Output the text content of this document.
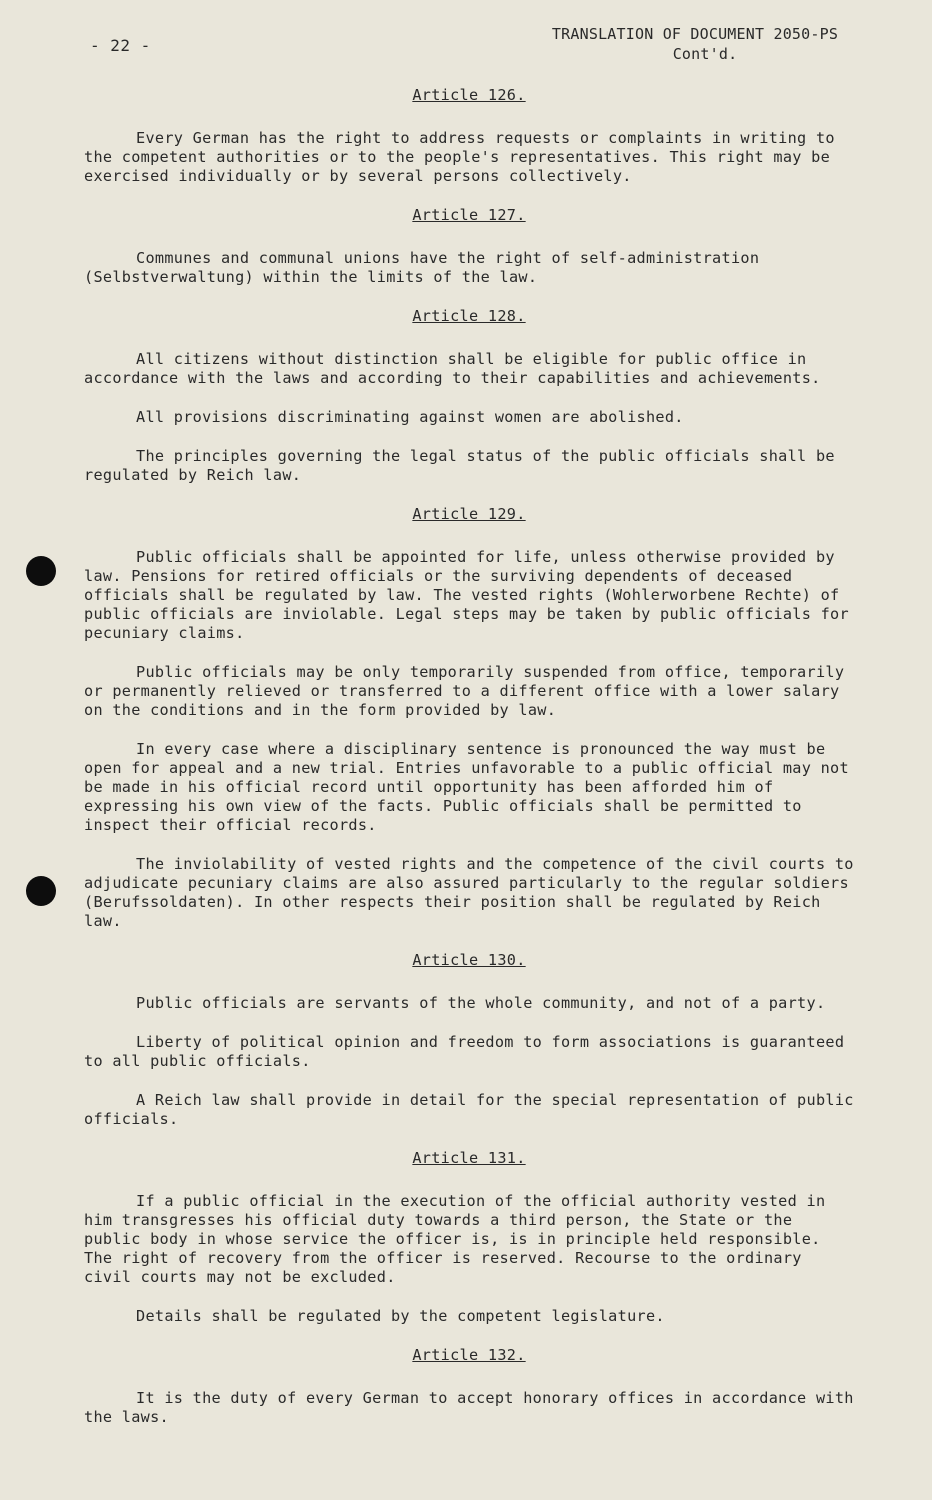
- 22 -
TRANSLATION OF DOCUMENT 2050-PS
Cont'd.
Article 126.

Every German has the right to address requests or complaints in writing to the competent authorities or to the people's representatives. This right may be exercised individually or by several persons collectively.

Article 127.

Communes and communal unions have the right of self-administration (Selbstverwaltung) within the limits of the law.

Article 128.

All citizens without distinction shall be eligible for public office in accordance with the laws and according to their capabilities and achievements.

All provisions discriminating against women are abolished.

The principles governing the legal status of the public officials shall be regulated by Reich law.

Article 129.

Public officials shall be appointed for life, unless otherwise provided by law. Pensions for retired officials or the surviving dependents of deceased officials shall be regulated by law. The vested rights (Wohlerworbene Rechte) of public officials are inviolable. Legal steps may be taken by public officials for pecuniary claims.

Public officials may be only temporarily suspended from office, temporarily or permanently relieved or transferred to a different office with a lower salary on the conditions and in the form provided by law.

In every case where a disciplinary sentence is pronounced the way must be open for appeal and a new trial. Entries unfavorable to a public official may not be made in his official record until opportunity has been afforded him of expressing his own view of the facts. Public officials shall be permitted to inspect their official records.

The inviolability of vested rights and the competence of the civil courts to adjudicate pecuniary claims are also assured particularly to the regular soldiers (Berufssoldaten). In other respects their position shall be regulated by Reich law.

Article 130.

Public officials are servants of the whole community, and not of a party.

Liberty of political opinion and freedom to form associations is guaranteed to all public officials.

A Reich law shall provide in detail for the special representation of public officials.

Article 131.

If a public official in the execution of the official authority vested in him transgresses his official duty towards a third person, the State or the public body in whose service the officer is, is in principle held responsible. The right of recovery from the officer is reserved. Recourse to the ordinary civil courts may not be excluded.

Details shall be regulated by the competent legislature.

Article 132.

It is the duty of every German to accept honorary offices in accordance with the laws.
